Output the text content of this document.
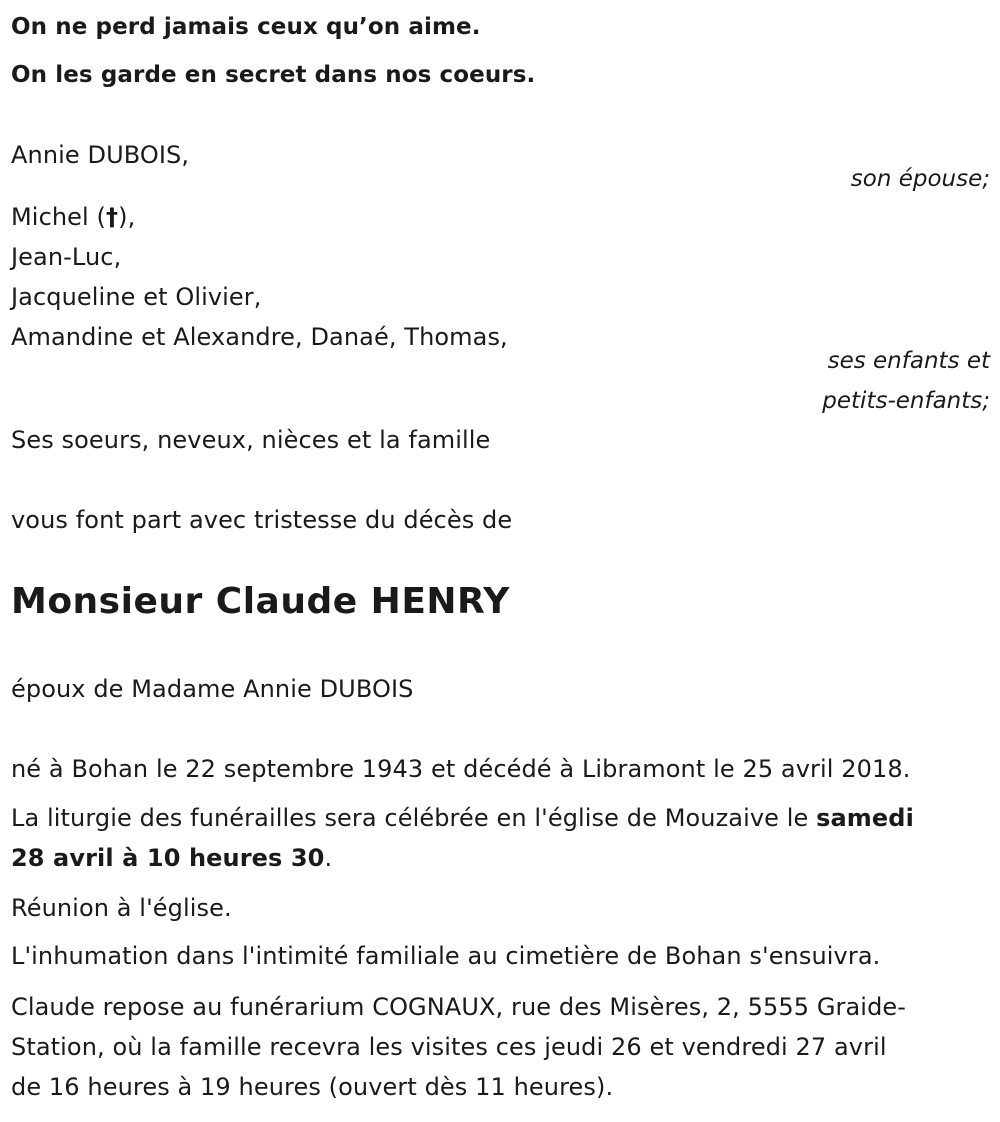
On ne perd jamais ceux qu’on aime.
On les garde en secret dans nos coeurs.
Annie DUBOIS,
son épouse;
Michel (†),
Jean-Luc,
Jacqueline et Olivier,
Amandine et Alexandre, Danaé, Thomas,
ses enfants et
petits-enfants;
Ses soeurs, neveux, nièces et la famille
vous font part avec tristesse du décès de
Monsieur Claude HENRY
époux de Madame Annie DUBOIS
né à Bohan le 22 septembre 1943 et décédé à Libramont le 25 avril 2018.
La liturgie des funérailles sera célébrée en l'église de Mouzaive le samedi
28 avril à 10 heures 30.
Réunion à l'église.
L'inhumation dans l'intimité familiale au cimetière de Bohan s'ensuivra.
Claude repose au funérarium COGNAUX, rue des Misères, 2, 5555 Graide-
Station, où la famille recevra les visites ces jeudi 26 et vendredi 27 avril
de 16 heures à 19 heures (ouvert dès 11 heures).
